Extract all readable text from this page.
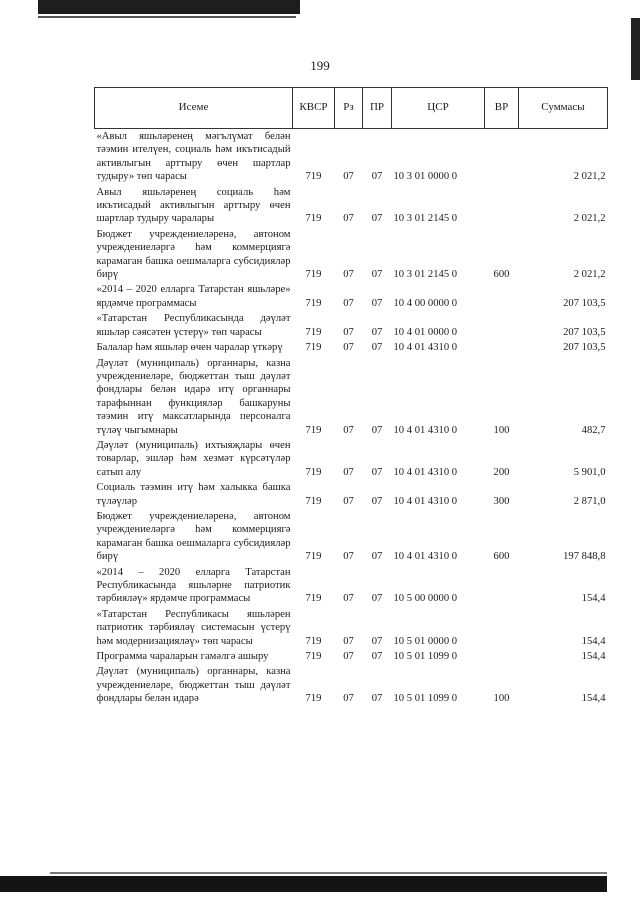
199
Исеме	КВСР	Рз	ПР	ЦСР	ВР	Суммасы
«Авыл яшьләренең мәгълүмат белән тәэмин ителүен, социаль һәм икътисадый активлыгын арттыру өчен шартлар тудыру» төп чарасы	719	07	07	10 3 01 0000 0		2 021,2
Авыл яшьләренең социаль һәм икътисадый активлыгын арттыру өчен шартлар тудыру чаралары	719	07	07	10 3 01 2145 0		2 021,2
Бюджет учреждениеләренә, автоном учреждениеләргә һәм коммерциягә карамаган башка оешмаларга субсидияләр бирү	719	07	07	10 3 01 2145 0	600	2 021,2
«2014 – 2020 елларга Татарстан яшьләре» ярдәмче программасы	719	07	07	10 4 00 0000 0		207 103,5
«Татарстан Республикасында дәүләт яшьләр сәясәтен үстерү» төп чарасы	719	07	07	10 4 01 0000 0		207 103,5
Балалар һәм яшьләр өчен чаралар үткәрү	719	07	07	10 4 01 4310 0		207 103,5
Дәүләт (муниципаль) органнары, казна учреждениеләре, бюджеттан тыш дәүләт фондлары белән идарә итү органнары тарафыннан функцияләр башкаруны тәэмин итү максатларында персоналга түләү чыгымнары	719	07	07	10 4 01 4310 0	100	482,7
Дәүләт (муниципаль) ихтыяҗлары өчен товарлар, эшләр һәм хезмәт күрсәтүләр сатып алу	719	07	07	10 4 01 4310 0	200	5 901,0
Социаль тәэмин итү һәм халыкка башка түләүләр	719	07	07	10 4 01 4310 0	300	2 871,0
Бюджет учреждениеләренә, автоном учреждениеләргә һәм коммерциягә карамаган башка оешмаларга субсидияләр бирү	719	07	07	10 4 01 4310 0	600	197 848,8
«2014 – 2020 елларга Татарстан Республикасында яшьләрне патриотик тәрбияләү» ярдәмче программасы	719	07	07	10 5 00 0000 0		154,4
«Татарстан Республикасы яшьләрен патриотик тәрбияләү системасын үстерү һәм модернизацияләү» төп чарасы	719	07	07	10 5 01 0000 0		154,4
Программа чараларын гамәлгә ашыру	719	07	07	10 5 01 1099 0		154,4
Дәүләт (муниципаль) органнары, казна учреждениеләре, бюджеттан тыш дәүләт фондлары белән идарә	719	07	07	10 5 01 1099 0	100	154,4
